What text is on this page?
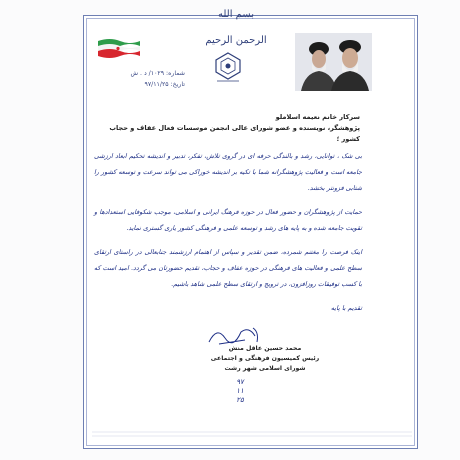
بسم الله الرحمن الرحیم
شماره: ۱۰۲۹/ د . ش
تاریخ: ۹۷/۱۱/۲۵
سرکار خانم نعیمه اسلاملو
پژوهشگر، نویسنده و عضو شورای عالی انجمن موسسات فعال عفاف و حجاب کشور ؛

بی شک ، توانایی، رشد و بالندگی حرفه ای در گروی تلاش، تفکر، تدبیر و اندیشه تحکیم ابعاد ارزشی جامعه است و فعالیت پژوهشگرانه شما با تکیه بر اندیشه خوراکی می تواند سرعت و توسعه کشور را شتابی فزونتر بخشد.

حمایت از پژوهشگران و حضور فعال در حوزه فرهنگ ایرانی و اسلامی، موجب شکوفایی استعدادها و تقویت جامعه شده و به پایه های رشد و توسعه علمی و فرهنگی کشور یاری گستری نماید.

اینک فرصت را مغتنم شمرده، ضمن تقدیر و سپاس از اهتمام ارزشمند جنابعالی در راستای ارتقای سطح علمی و فعالیت های فرهنگی در حوزه عفاف و حجاب، تقدیم حضورتان می گردد. امید است که با کسب توفیقات روزافزون، در ترویج و ارتقای سطح علمی شاهد باشیم.

تقدیم با پایه‌

محمد حسین عاقل منش
رئیس کمیسیون فرهنگی و اجتماعی
شورای اسلامی شهر رشت
۹۷
۱۱
۲۵
